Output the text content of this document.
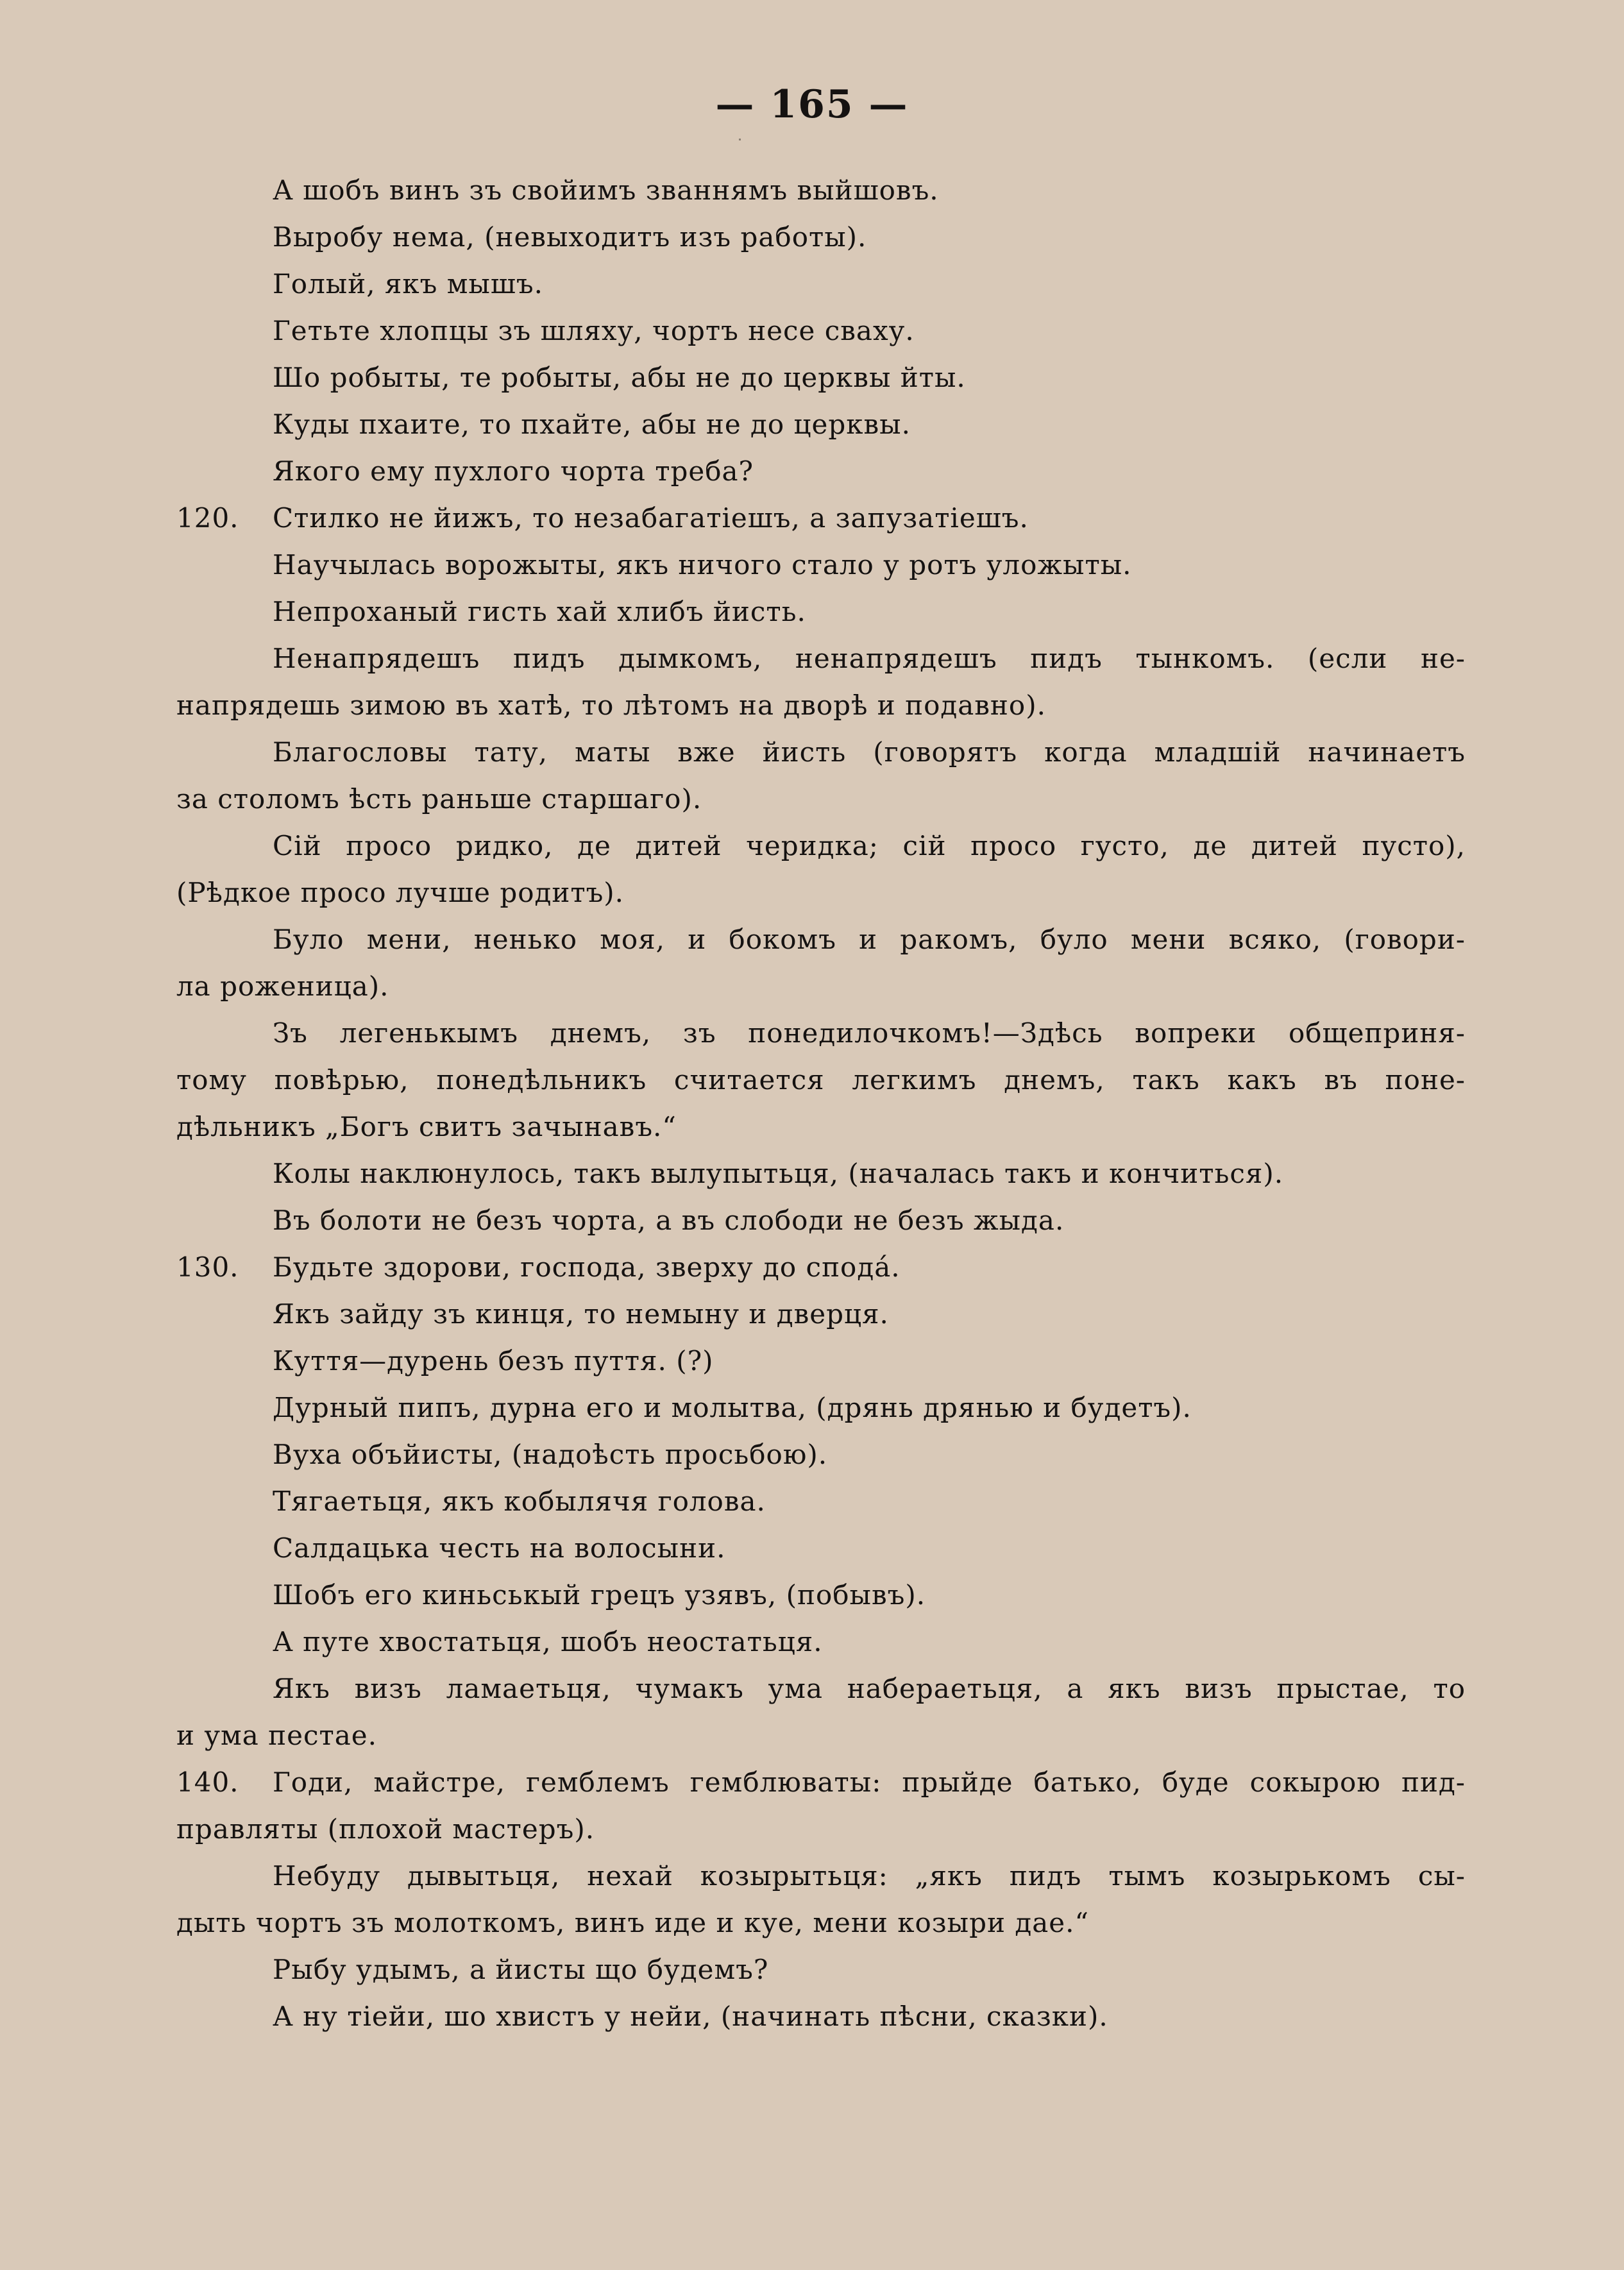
— 165 —
А шобъ винъ зъ свойимъ званнямъ выйшовъ.
Выробу нема, (невыходитъ изъ работы).
Голый, якъ мышъ.
Гетьте хлопцы зъ шляху, чортъ несе сваху.
Шо робыты, те робыты, абы не до церквы йты.
Куды пхаите, то пхайте, абы не до церквы.
Якого ему пухлого чорта треба?
120. Стилко не йижъ, то незабагатіешъ, а запузатіешъ.
Научылась ворожыты, якъ ничого стало у ротъ уложыты.
Непроханый гисть хай хлибъ йисть.
Ненапрядешъ пидъ дымкомъ, ненапрядешъ пидъ тынкомъ. (если не-
напрядешь зимою въ хатѣ, то лѣтомъ на дворѣ и подавно).
Благословы тату, маты вже йисть (говорятъ когда младшій начинаетъ
за столомъ ѣсть раньше старшаго).
Сій просо ридко, де дитей черидка; сій просо густо, де дитей пусто),
(Рѣдкое просо лучше родитъ).
Було мени, ненько моя, и бокомъ и ракомъ, було мени всяко, (говори-
ла роженица).
Зъ легенькымъ днемъ, зъ понедилочкомъ!—Здѣсь вопреки общеприня-
тому повѣрью, понедѣльникъ считается легкимъ днемъ, такъ какъ въ поне-
дѣльникъ „Богъ свитъ зачынавъ.“
Колы наклюнулось, такъ вылупытьця, (началась такъ и кончиться).
Въ болоти не безъ чорта, а въ слободи не безъ жыда.
130. Будьте здорови, господа, зверху до спода́.
Якъ зайду зъ кинця, то немыну и дверця.
Куття—дурень безъ пуття. (?)
Дурный пипъ, дурна его и молытва, (дрянь дрянью и будетъ).
Вуха объйисты, (надоѣсть просьбою).
Тягаетьця, якъ кобылячя голова.
Салдацька честь на волосыни.
Шобъ его киньськый грецъ узявъ, (побывъ).
А путе хвостатьця, шобъ неостатьця.
Якъ визъ ламаетьця, чумакъ ума набераетьця, а якъ визъ прыстае, то
и ума пестае.
140. Годи, майстре, гемблемъ гемблюваты: прыйде батько, буде сокырою пид-
правляты (плохой мастеръ).
Небуду дывытьця, нехай козырытьця: „якъ пидъ тымъ козырькомъ сы-
дыть чортъ зъ молоткомъ, винъ иде и куе, мени козыри дае.“
Рыбу удымъ, а йисты що будемъ?
А ну тіейи, шо хвистъ у нейи, (начинать пѣсни, сказки).
